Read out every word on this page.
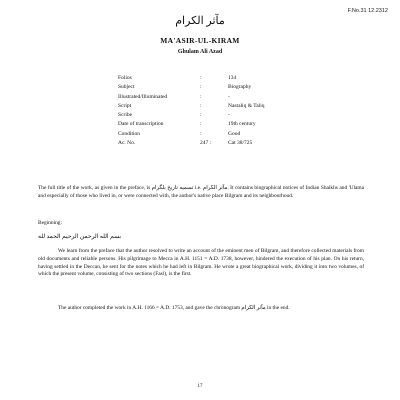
F.No.31 12.2312
مآثر الكرام
MA'ASIR-UL-KIRAM
Ghulam Ali Azad
Folios	:	134
Subject	:	Biography
Illustrated/Illuminated	:	-
Script	:	Nastaliq & Taliq
Scribe	:	-
Date of transcription	:	19th century
Condition	:	Good
Ac. No.	247 :	Cat 38/725

The full title of the work, as given in the preface, is تسمیه تاریخ بلگرام i.e. مآثر الکرام. It contains biographical notices of Indian Shaikhs and 'Ulama and especially of those who lived in, or were connected with, the author's native place Bilgram and its neighbourhood.

Beginning:
بسم الله الرحمن الرحيم الحمد لله

We learn from the preface that the author resolved to write an account of the eminent men of Bilgram, and therefore collected materials from old documents and reliable persons. His pilgrimage to Mecca in A.H. 1151 = A.D. 1738, however, hindered the execution of his plan. On his return, having settled in the Deccan, he sent for the notes which he had left in Bilgram. He wrote a great biographical work, dividing it into two volumes, of which the present volume, consisting of two sections (Fasl), is the first.

The author completed the work in A.H. 1166 = A.D. 1753, and gave the chronogram مآثر الکرام in the end.

17
